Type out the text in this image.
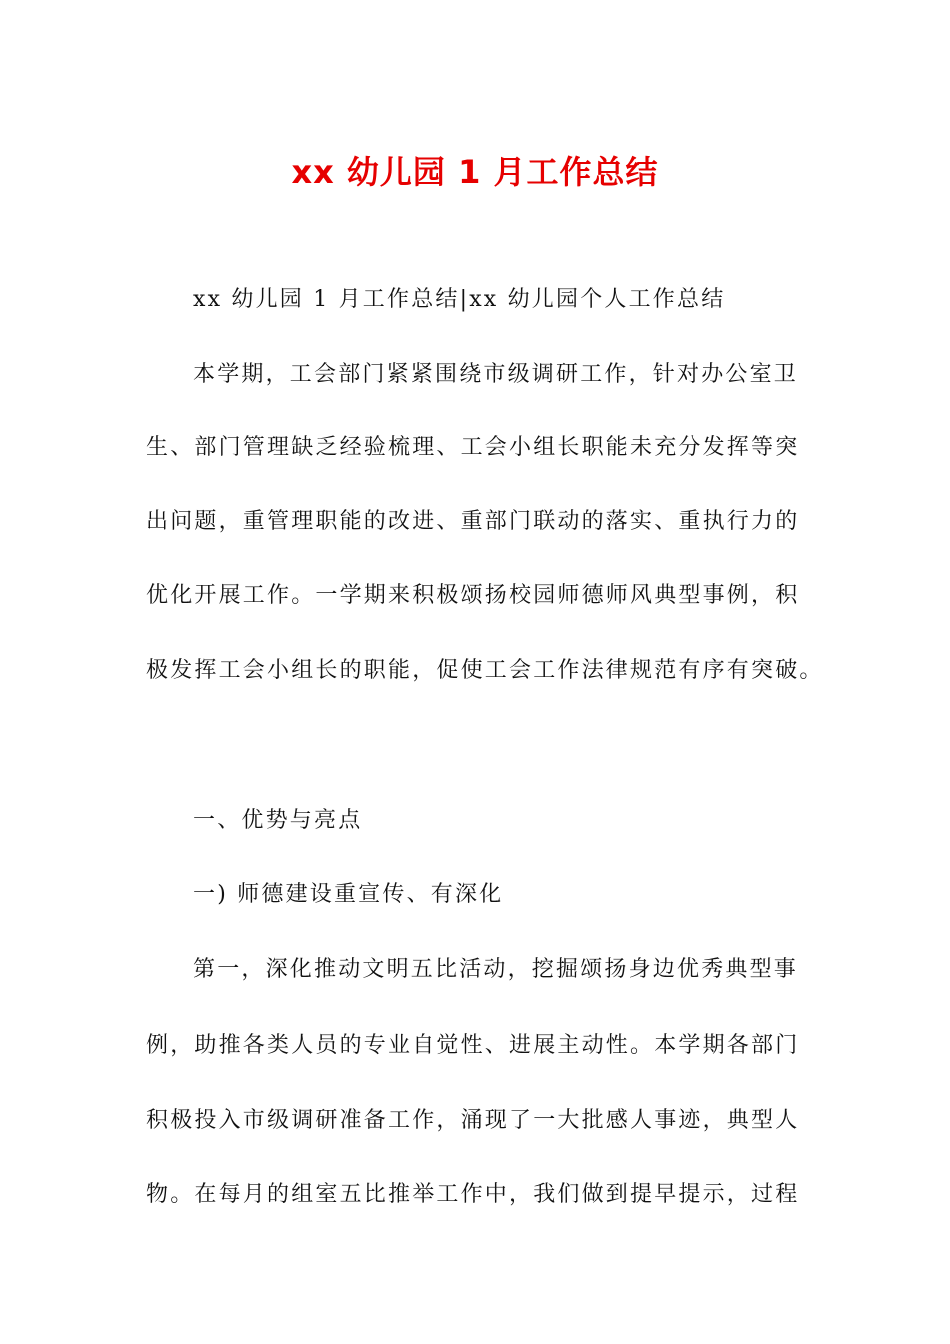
xx 幼儿园 1 月工作总结
xx 幼儿园 1 月工作总结|xx 幼儿园个人工作总结
本学期，工会部门紧紧围绕市级调研工作，针对办公室卫
生、部门管理缺乏经验梳理、工会小组长职能未充分发挥等突
出问题，重管理职能的改进、重部门联动的落实、重执行力的
优化开展工作。一学期来积极颂扬校园师德师风典型事例，积
极发挥工会小组长的职能，促使工会工作法律规范有序有突破。
一、优势与亮点
一) 师德建设重宣传、有深化
第一，深化推动文明五比活动，挖掘颂扬身边优秀典型事
例，助推各类人员的专业自觉性、进展主动性。本学期各部门
积极投入市级调研准备工作，涌现了一大批感人事迹，典型人
物。在每月的组室五比推举工作中，我们做到提早提示，过程
